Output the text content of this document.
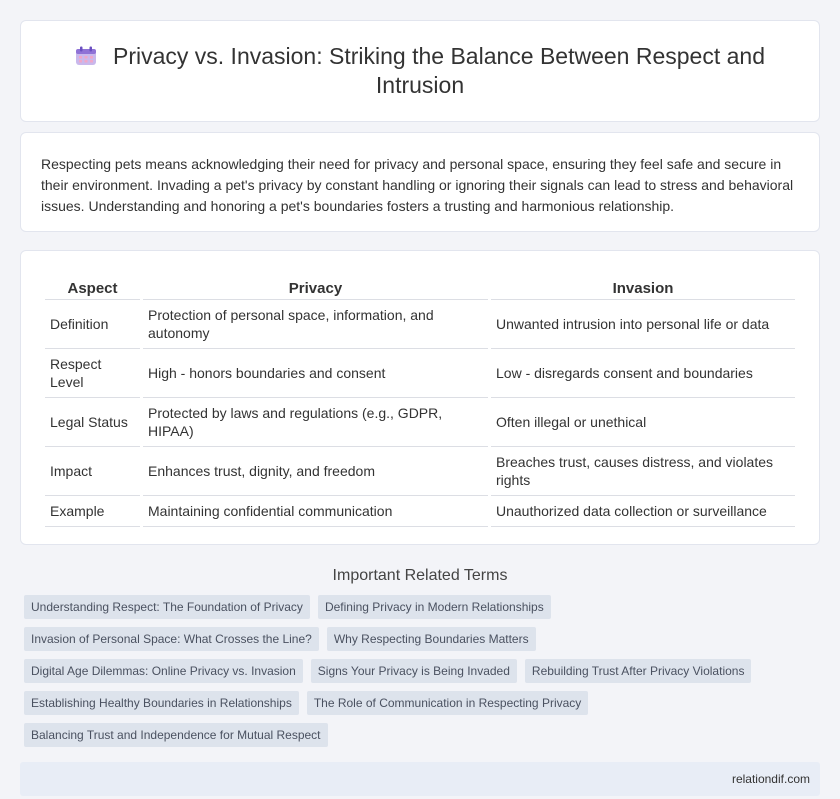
Privacy vs. Invasion: Striking the Balance Between Respect and Intrusion

Respecting pets means acknowledging their need for privacy and personal space, ensuring they feel safe and secure in their environment. Invading a pet's privacy by constant handling or ignoring their signals can lead to stress and behavioral issues. Understanding and honoring a pet's boundaries fosters a trusting and harmonious relationship.

Aspect	Privacy	Invasion
Definition	Protection of personal space, information, and autonomy	Unwanted intrusion into personal life or data
Respect Level	High - honors boundaries and consent	Low - disregards consent and boundaries
Legal Status	Protected by laws and regulations (e.g., GDPR, HIPAA)	Often illegal or unethical
Impact	Enhances trust, dignity, and freedom	Breaches trust, causes distress, and violates rights
Example	Maintaining confidential communication	Unauthorized data collection or surveillance
Important Related Terms
Understanding Respect: The Foundation of Privacy	Defining Privacy in Modern Relationships
Invasion of Personal Space: What Crosses the Line?	Why Respecting Boundaries Matters
Digital Age Dilemmas: Online Privacy vs. Invasion	Signs Your Privacy is Being Invaded	Rebuilding Trust After Privacy Violations
Establishing Healthy Boundaries in Relationships	The Role of Communication in Respecting Privacy
Balancing Trust and Independence for Mutual Respect
relationdif.com
